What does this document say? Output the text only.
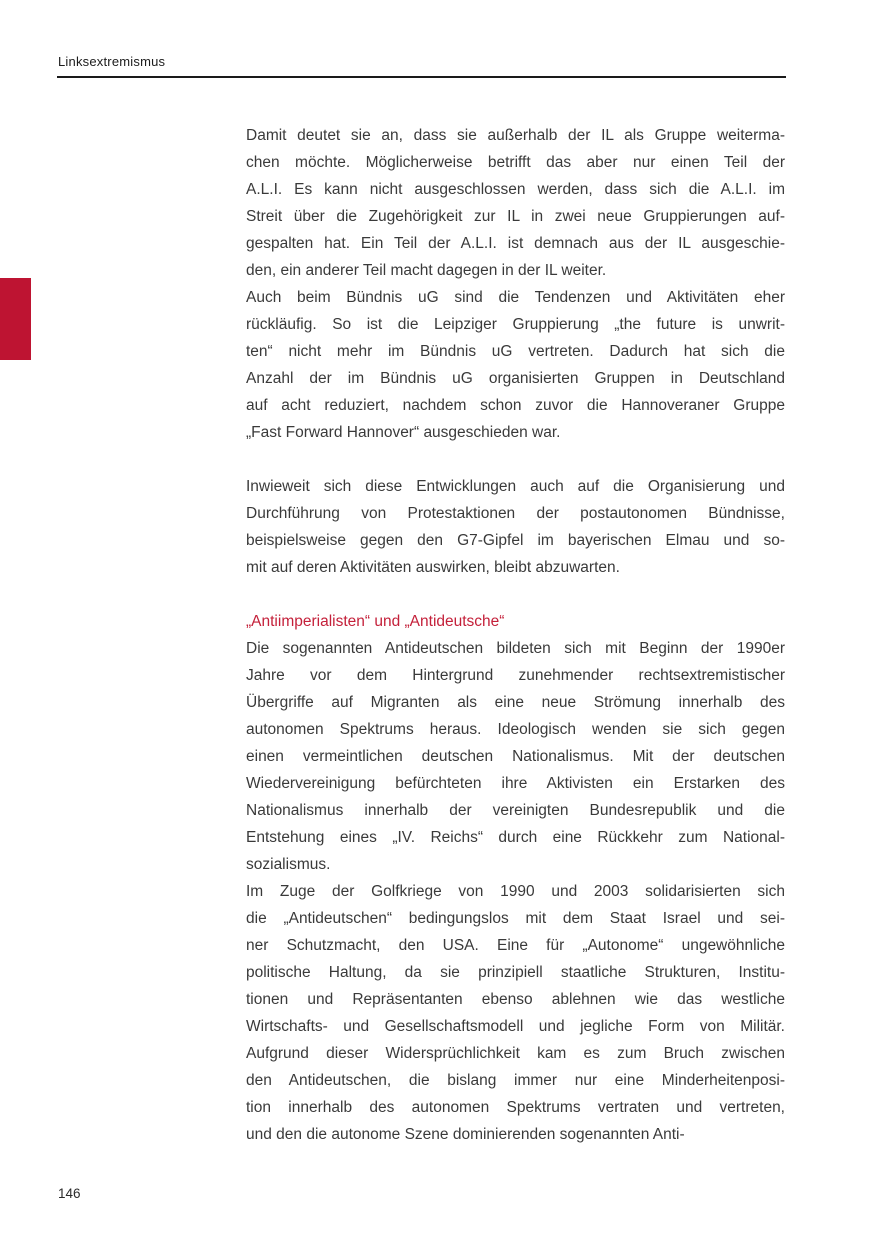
Linksextremismus
Damit deutet sie an, dass sie außerhalb der IL als Gruppe weiterma-
chen möchte. Möglicherweise betrifft das aber nur einen Teil der
A.L.I. Es kann nicht ausgeschlossen werden, dass sich die A.L.I. im
Streit über die Zugehörigkeit zur IL in zwei neue Gruppierungen auf-
gespalten hat. Ein Teil der A.L.I. ist demnach aus der IL ausgeschie-
den, ein anderer Teil macht dagegen in der IL weiter.
Auch beim Bündnis uG sind die Tendenzen und Aktivitäten eher
rückläufig. So ist die Leipziger Gruppierung „the future is unwrit-
ten“ nicht mehr im Bündnis uG vertreten. Dadurch hat sich die
Anzahl der im Bündnis uG organisierten Gruppen in Deutschland
auf acht reduziert, nachdem schon zuvor die Hannoveraner Gruppe
„Fast Forward Hannover“ ausgeschieden war.
Inwieweit sich diese Entwicklungen auch auf die Organisierung und
Durchführung von Protestaktionen der postautonomen Bündnisse,
beispielsweise gegen den G7-Gipfel im bayerischen Elmau und so-
mit auf deren Aktivitäten auswirken, bleibt abzuwarten.
„Antiimperialisten“ und „Antideutsche“
Die sogenannten Antideutschen bildeten sich mit Beginn der 1990er
Jahre vor dem Hintergrund zunehmender rechtsextremistischer
Übergriffe auf Migranten als eine neue Strömung innerhalb des
autonomen Spektrums heraus. Ideologisch wenden sie sich gegen
einen vermeintlichen deutschen Nationalismus. Mit der deutschen
Wiedervereinigung befürchteten ihre Aktivisten ein Erstarken des
Nationalismus innerhalb der vereinigten Bundesrepublik und die
Entstehung eines „IV. Reichs“ durch eine Rückkehr zum National-
sozialismus.
Im Zuge der Golfkriege von 1990 und 2003 solidarisierten sich
die „Antideutschen“ bedingungslos mit dem Staat Israel und sei-
ner Schutzmacht, den USA. Eine für „Autonome“ ungewöhnliche
politische Haltung, da sie prinzipiell staatliche Strukturen, Institu-
tionen und Repräsentanten ebenso ablehnen wie das westliche
Wirtschafts- und Gesellschaftsmodell und jegliche Form von Militär.
Aufgrund dieser Widersprüchlichkeit kam es zum Bruch zwischen
den Antideutschen, die bislang immer nur eine Minderheitenposi-
tion innerhalb des autonomen Spektrums vertraten und vertreten,
und den die autonome Szene dominierenden sogenannten Anti-
146
